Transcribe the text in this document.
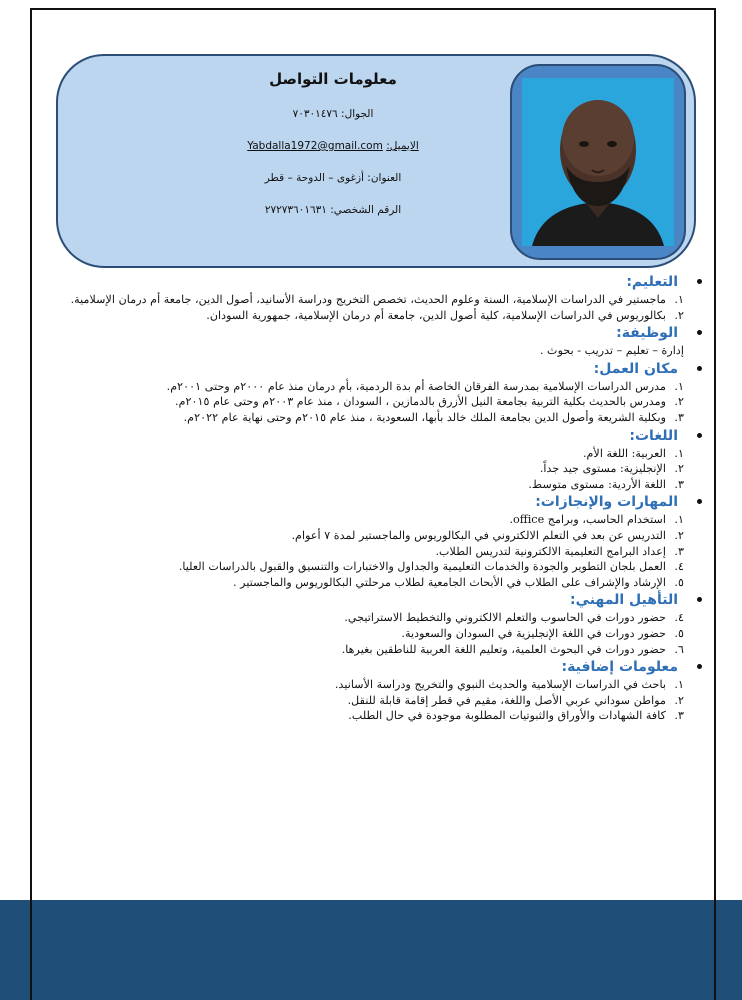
معلومات التواصل

الجوال: ٧٠٣٠١٤٧٦

الايميل: Yabdalla1972@gmail.com

العنوان: أزغوى – الدوحة – قطر

الرقم الشخصي: ٢٧٢٧٣٦٠١٦٣١

التعليم:

١.
ماجستير في الدراسات الإسلامية، السنة وعلوم الحديث، تخصص التخريج ودراسة الأسانيد، أصول الدين، جامعة أم درمان الإسلامية.
٢.
بكالوريوس في الدراسات الإسلامية، كلية أصول الدين، جامعة أم درمان الإسلامية، جمهورية السودان.

الوظيفة:

إدارة – تعليم – تدريب - بحوث .

مكان العمل:

١.
مدرس الدراسات الإسلامية بمدرسة الفرقان الخاصة أم بدة الردمية، بأم درمان منذ عام ٢٠٠٠م وحتى ٢٠٠١م.
٢.
ومدرس بالحديث بكلية التربية بجامعة النيل الأزرق بالدمازين ، السودان ، منذ عام ٢٠٠٣م وحتى عام ٢٠١٥م.
٣.
وبكلية الشريعة وأصول الدين بجامعة الملك خالد بأبها، السعودية ، منذ عام ٢٠١٥م وحتى نهاية عام ٢٠٢٢م.

اللغات:

١.
العربية: اللغة الأم.
٢.
الإنجليزية: مستوى جيد جداً.
٣.
اللغة الأردية: مستوى متوسط.

المهارات والإنجازات:

١.
استخدام الحاسب، وبرامج office.
٢.
التدريس عن بعد في التعلم الالكتروني في البكالوريوس والماجستير لمدة ٧ أعوام.
٣.
إعداد البرامج التعليمية الالكترونية لتدريس الطلاب.
٤.
العمل بلجان التطوير والجودة والخدمات التعليمية والجداول والاختبارات والتنسيق والقبول بالدراسات العليا.
٥.
الإرشاد والإشراف على الطلاب في الأبحاث الجامعية لطلاب مرحلتي البكالوريوس والماجستير .

التأهيل المهني:

٤.
حضور دورات في الحاسوب والتعلم الالكتروني والتخطيط الاستراتيجي.
٥.
حضور دورات في اللغة الإنجليزية في السودان والسعودية.
٦.
حضور دورات في البحوث العلمية، وتعليم اللغة العربية للناطقين بغيرها.

معلومات إضافية:

١.
باحث في الدراسات الإسلامية والحديث النبوي والتخريج ودراسة الأسانيد.
٢.
مواطن سوداني عربي الأصل واللغة، مقيم في قطر إقامة قابلة للنقل.
٣.
كافة الشهادات والأوراق والثبوتيات المطلوبة موجودة في حال الطلب.
